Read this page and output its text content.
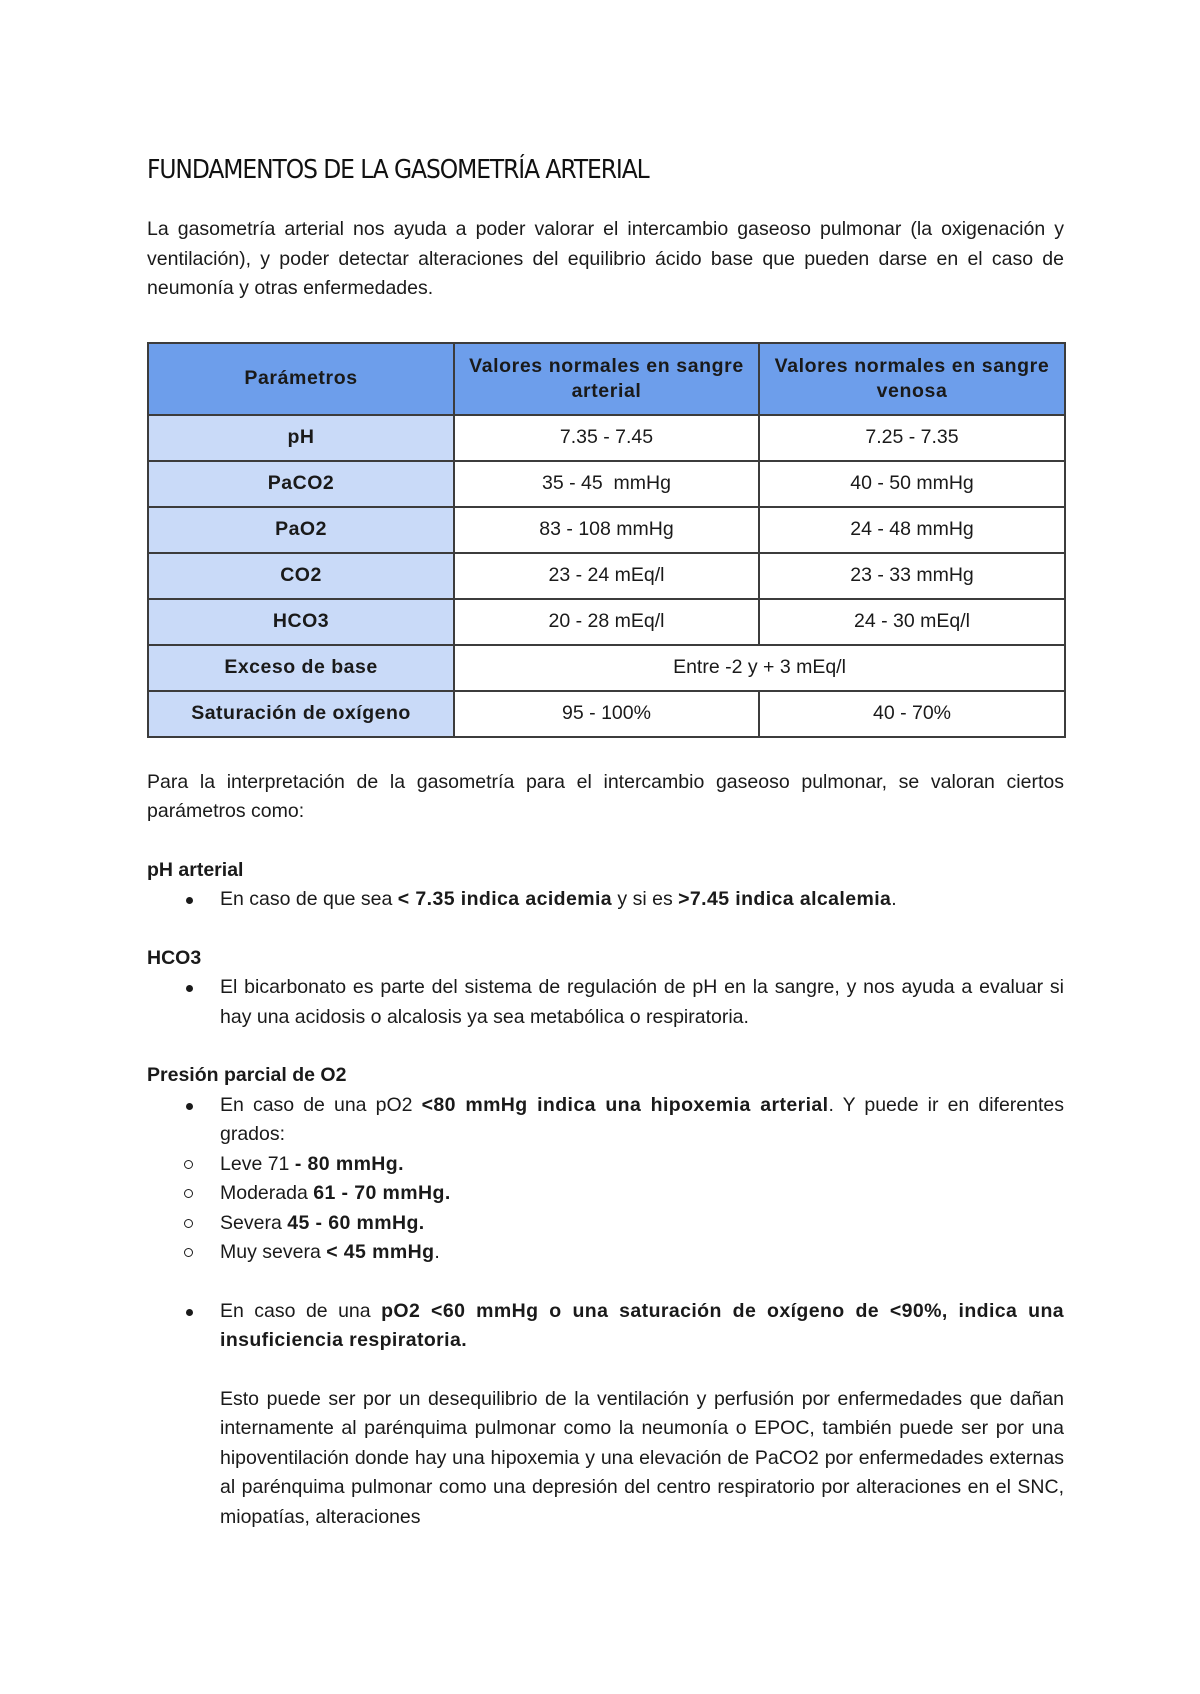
FUNDAMENTOS DE LA GASOMETRÍA ARTERIAL

La gasometría arterial nos ayuda a poder valorar el intercambio gaseoso pulmonar (la oxigenación y ventilación), y poder detectar alteraciones del equilibrio ácido base que pueden darse en el caso de neumonía y otras enfermedades.

Parámetros	Valores normales en sangre arterial	Valores normales en sangre venosa
pH	7.35 - 7.45	7.25 - 7.35
PaCO2	35 - 45  mmHg	40 - 50 mmHg
PaO2	83 - 108 mmHg	24 - 48 mmHg
CO2	23 - 24 mEq/l	23 - 33 mmHg
HCO3	20 - 28 mEq/l	24 - 30 mEq/l
Exceso de base	Entre -2 y + 3 mEq/l	
Saturación de oxígeno	95 - 100%	40 - 70%

Para la interpretación de la gasometría para el intercambio gaseoso pulmonar, se valoran ciertos parámetros como:

pH arterial
En caso de que sea < 7.35 indica acidemia y si es >7.45 indica alcalemia.
HCO3
El bicarbonato es parte del sistema de regulación de pH en la sangre, y nos ayuda a evaluar si hay una acidosis o alcalosis ya sea metabólica o respiratoria.
Presión parcial de O2
En caso de una pO2 <80 mmHg indica una hipoxemia arterial. Y puede ir en diferentes grados:
Leve 71 - 80 mmHg.
Moderada 61 - 70 mmHg.
Severa 45 - 60 mmHg.
Muy severa < 45 mmHg.
En caso de una pO2 <60 mmHg o una saturación de oxígeno de <90%, indica una insuficiencia respiratoria.

Esto puede ser por un desequilibrio de la ventilación y perfusión por enfermedades que dañan internamente al parénquima pulmonar como la neumonía o EPOC, también puede ser por una hipoventilación donde hay una hipoxemia y una elevación de PaCO2 por enfermedades externas al parénquima pulmonar como una depresión del centro respiratorio por alteraciones en el SNC, miopatías, alteraciones
